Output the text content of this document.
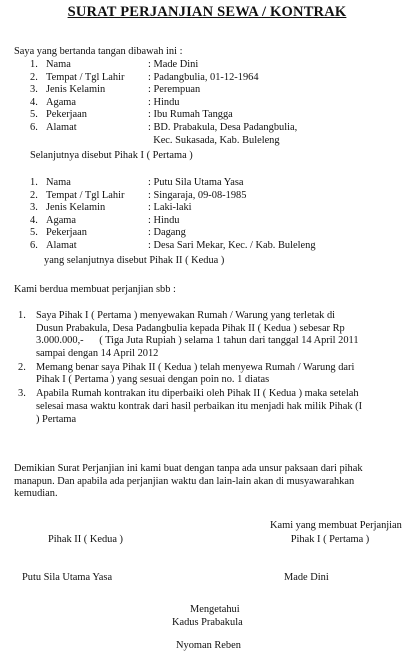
SURAT PERJANJIAN SEWA / KONTRAK
Saya yang bertanda tangan dibawah ini :
1. Nama	: Made Dini
2. Tempat / Tgl Lahir : Padangbulia, 01-12-1964
3. Jenis Kelamin	: Perempuan
4. Agama	: Hindu
5. Pekerjaan	: Ibu Rumah Tangga
6. Alamat	: BD. Prabakula, Desa Padangbulia,
Kec. Sukasada, Kab. Buleleng
Selanjutnya disebut Pihak I ( Pertama )
1. Nama	: Putu Sila Utama Yasa
2. Tempat / Tgl Lahir : Singaraja, 09-08-1985
3. Jenis Kelamin	: Laki-laki
4. Agama	: Hindu
5. Pekerjaan	: Dagang
6. Alamat	: Desa Sari Mekar, Kec. / Kab. Buleleng
yang selanjutnya disebut Pihak II ( Kedua )
Kami berdua membuat perjanjian sbb :
1. Saya Pihak I ( Pertama ) menyewakan Rumah / Warung yang terletak di
Dusun Prabakula, Desa Padangbulia kepada Pihak II ( Kedua ) sebesar Rp
3.000.000,-      ( Tiga Juta Rupiah ) selama 1 tahun dari tanggal 14 April 2011
sampai dengan 14 April 2012
2. Memang benar saya Pihak II ( Kedua ) telah menyewa Rumah / Warung dari
Pihak I ( Pertama ) yang sesuai dengan poin no. 1 diatas
3. Apabila Rumah kontrakan itu diperbaiki oleh Pihak II ( Kedua ) maka setelah
selesai masa waktu kontrak dari hasil perbaikan itu menjadi hak milik Pihak (I
) Pertama
Demikian Surat Perjanjian ini kami buat dengan tanpa ada unsur paksaan dari pihak
manapun. Dan apabila ada perjanjian waktu dan lain-lain akan di musyawarahkan
kemudian.
Pihak II ( Kedua )
Kami yang membuat Perjanjian
Pihak I ( Pertama )
Putu Sila Utama Yasa	Made Dini
Mengetahui
Kadus Prabakula
Nyoman Reben
